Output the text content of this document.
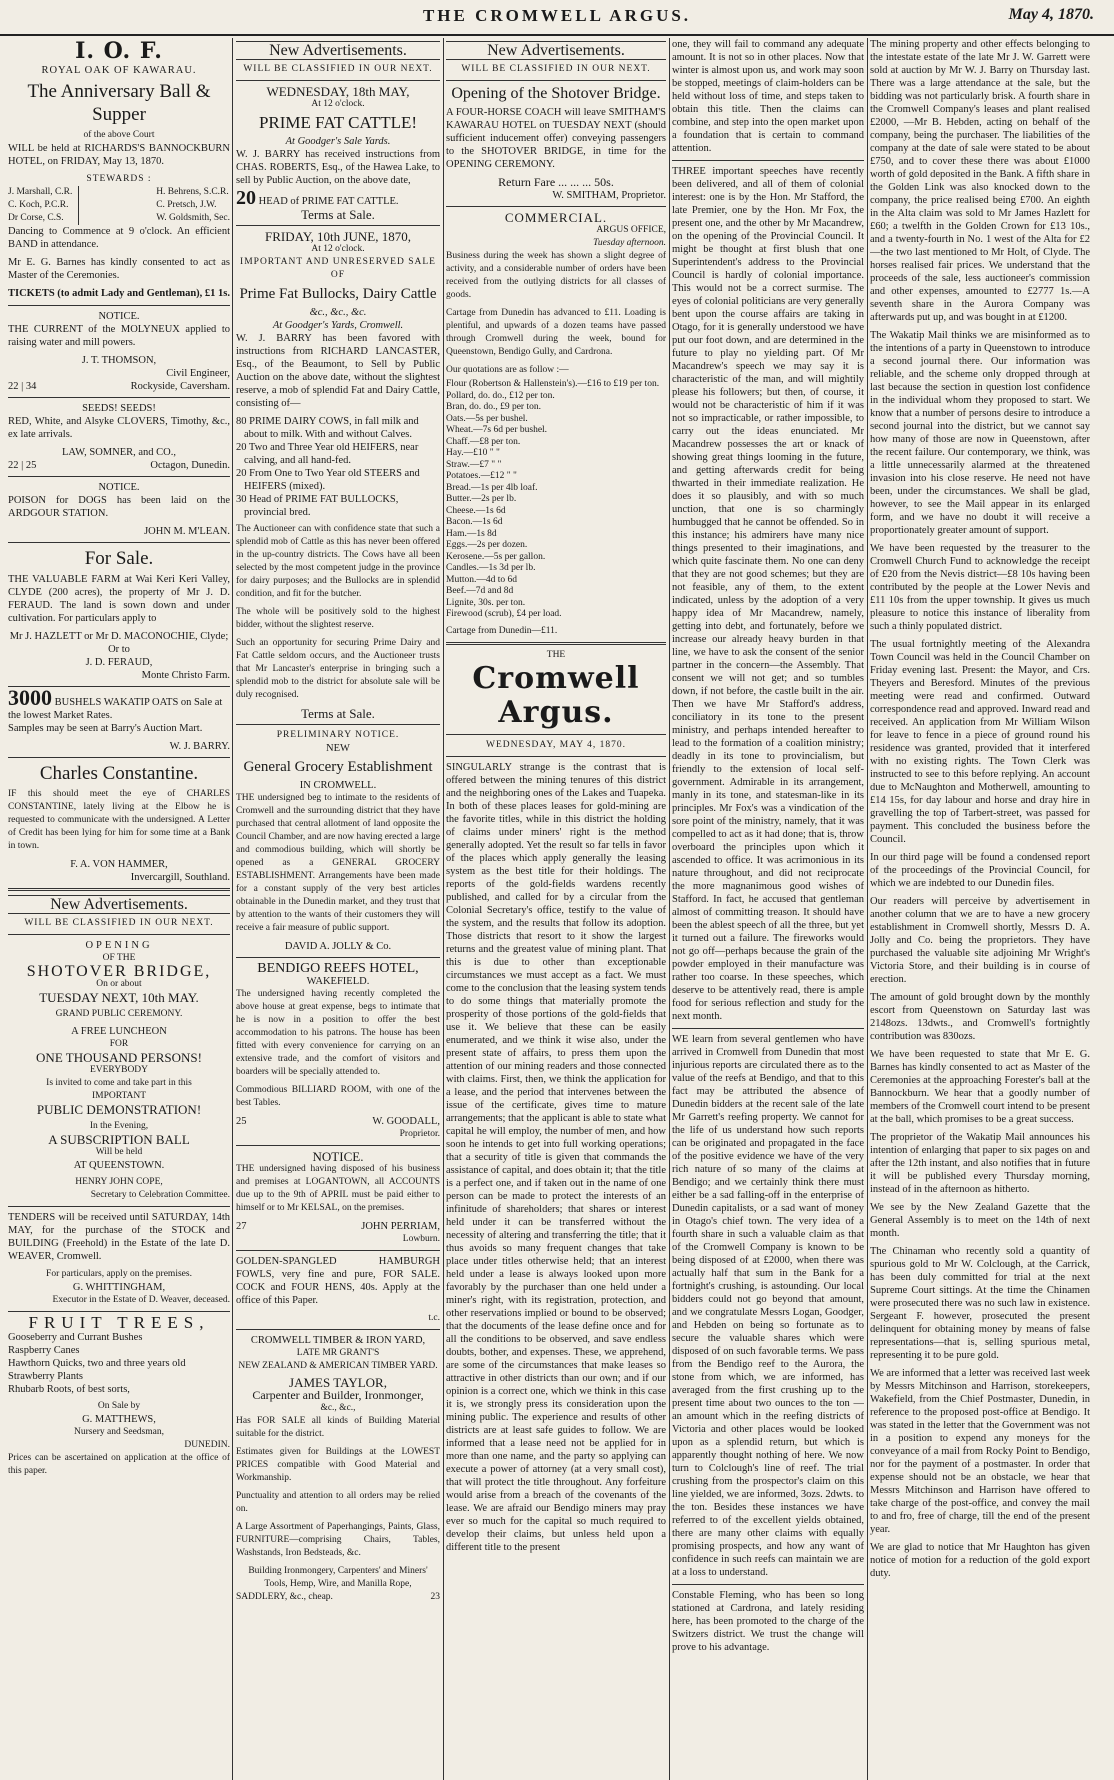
THE CROMWELL ARGUS.	May 4, 1870.
I. O. F.
ROYAL OAK OF KAWARAU.
The Anniversary Ball & Supper
of the above Court

WILL be held at RICHARDS'S BANNOCKBURN HOTEL, on FRIDAY, May 13, 1870.

STEWARDS :
J. Marshall, C.R.
C. Koch, P.C.R.
Dr Corse, C.S.
H. Behrens, S.C.R.
C. Pretsch, J.W.
W. Goldsmith, Sec.

Dancing to Commence at 9 o'clock. An efficient BAND in attendance.

Mr E. G. Barnes has kindly consented to act as Master of the Ceremonies.

TICKETS (to admit Lady and Gentleman), £1 1s.

NOTICE.

THE CURRENT of the MOLYNEUX applied to raising water and mill powers.

J. T. THOMSON,
Civil Engineer,
22 | 34	Rockyside, Caversham.
SEEDS! SEEDS!

RED, White, and Alsyke CLOVERS, Timothy, &c., ex late arrivals.

LAW, SOMNER, and CO.,
22 | 25	Octagon, Dunedin.
NOTICE.

POISON for DOGS has been laid on the ARDGOUR STATION.

JOHN M. M'LEAN.
For Sale.

THE VALUABLE FARM at Wai Keri Keri Valley, CLYDE (200 acres), the property of Mr J. D. FERAUD. The land is sown down and under cultivation. For particulars apply to

Mr J. HAZLETT or Mr D. MACONOCHIE, Clyde;
Or to
J. D. FERAUD,
Monte Christo Farm.
3000 BUSHELS WAKATIP OATS on Sale at the lowest Market Rates.

Samples may be seen at Barry's Auction Mart.

W. J. BARRY.
Charles Constantine.

IF this should meet the eye of CHARLES CONSTANTINE, lately living at the Elbow he is requested to communicate with the undersigned. A Letter of Credit has been lying for him for some time at a Bank in town.

F. A. VON HAMMER,
Invercargill, Southland.
New Advertisements.
WILL BE CLASSIFIED IN OUR NEXT.
OPENING
OF THE
SHOTOVER BRIDGE,
On or about
TUESDAY NEXT, 10th MAY.
GRAND PUBLIC CEREMONY.
A FREE LUNCHEON
FOR
ONE THOUSAND PERSONS!
EVERYBODY
Is invited to come and take part in this
IMPORTANT
PUBLIC DEMONSTRATION!
In the Evening,
A SUBSCRIPTION BALL
Will be held
AT QUEENSTOWN.
HENRY JOHN COPE,
Secretary to Celebration Committee.

TENDERS will be received until SATURDAY, 14th MAY, for the purchase of the STOCK and BUILDING (Freehold) in the Estate of the late D. WEAVER, Cromwell.

For particulars, apply on the premises.
G. WHITTINGHAM,
Executor in the Estate of D. Weaver, deceased.
FRUIT TREES,
Gooseberry and Currant Bushes
Raspberry Canes
Hawthorn Quicks, two and three years old
Strawberry Plants
Rhubarb Roots, of best sorts,
On Sale by
G. MATTHEWS,
Nursery and Seedsman,
DUNEDIN.

Prices can be ascertained on application at the office of this paper.

New Advertisements.
WILL BE CLASSIFIED IN OUR NEXT.
WEDNESDAY, 18th MAY,
At 12 o'clock.
PRIME FAT CATTLE!
At Goodger's Sale Yards.

W. J. BARRY has received instructions from CHAS. ROBERTS, Esq., of the Hawea Lake, to sell by Public Auction, on the above date,

20 HEAD of PRIME FAT CATTLE.
Terms at Sale.
FRIDAY, 10th JUNE, 1870,
At 12 o'clock.
IMPORTANT AND UNRESERVED SALE OF
Prime Fat Bullocks, Dairy Cattle
&c., &c., &c.
At Goodger's Yards, Cromwell.

W. J. BARRY has been favored with instructions from RICHARD LANCASTER, Esq., of the Beaumont, to Sell by Public Auction on the above date, without the slightest reserve, a mob of splendid Fat and Dairy Cattle, consisting of—

80 PRIME DAIRY COWS, in fall milk and about to milk. With and without Calves.
20 Two and Three Year old HEIFERS, near calving, and all hand-fed.
20 From One to Two Year old STEERS and HEIFERS (mixed).
30 Head of PRIME FAT BULLOCKS, provincial bred.

The Auctioneer can with confidence state that such a splendid mob of Cattle as this has never been offered in the up-country districts. The Cows have all been selected by the most competent judge in the province for dairy purposes; and the Bullocks are in splendid condition, and fit for the butcher.

The whole will be positively sold to the highest bidder, without the slightest reserve.

Such an opportunity for securing Prime Dairy and Fat Cattle seldom occurs, and the Auctioneer trusts that Mr Lancaster's enterprise in bringing such a splendid mob to the district for absolute sale will be duly recognised.

Terms at Sale.
PRELIMINARY NOTICE.
NEW
General Grocery Establishment
IN CROMWELL.

THE undersigned beg to intimate to the residents of Cromwell and the surrounding district that they have purchased that central allotment of land opposite the Council Chamber, and are now having erected a large and commodious building, which will shortly be opened as a GENERAL GROCERY ESTABLISHMENT. Arrangements have been made for a constant supply of the very best articles obtainable in the Dunedin market, and they trust that by attention to the wants of their customers they will receive a fair measure of public support.

DAVID A. JOLLY & Co.
BENDIGO REEFS HOTEL,
WAKEFIELD.

The undersigned having recently completed the above house at great expense, begs to intimate that he is now in a position to offer the best accommodation to his patrons. The house has been fitted with every convenience for carrying on an extensive trade, and the comfort of visitors and boarders will be specially attended to.

Commodious BILLIARD ROOM, with one of the best Tables.

25	W. GOODALL,
Proprietor.
NOTICE.

THE undersigned having disposed of his business and premises at LOGANTOWN, all ACCOUNTS due up to the 9th of APRIL must be paid either to himself or to Mr KELSAL, on the premises.

27	JOHN PERRIAM,
Lowburn.

GOLDEN-SPANGLED HAMBURGH FOWLS, very fine and pure, FOR SALE. COCK and FOUR HENS, 40s. Apply at the office of this Paper.

t.c.
CROMWELL TIMBER & IRON YARD,
LATE MR GRANT'S
NEW ZEALAND & AMERICAN TIMBER YARD.
JAMES TAYLOR,
Carpenter and Builder, Ironmonger,
&c., &c.,

Has FOR SALE all kinds of Building Material suitable for the district.

Estimates given for Buildings at the LOWEST PRICES compatible with Good Material and Workmanship.

Punctuality and attention to all orders may be relied on.

A Large Assortment of Paperhangings, Paints, Glass, FURNITURE—comprising Chairs, Tables, Washstands, Iron Bedsteads, &c.

Building Ironmongery, Carpenters' and Miners' Tools, Hemp, Wire, and Manilla Rope,
SADDLERY, &c., cheap.	23
New Advertisements.
WILL BE CLASSIFIED IN OUR NEXT.
Opening of the Shotover Bridge.

A FOUR-HORSE COACH will leave SMITHAM'S KAWARAU HOTEL on TUESDAY NEXT (should sufficient inducement offer) conveying passengers to the SHOTOVER BRIDGE, in time for the OPENING CEREMONY.

Return Fare ... ... ... 50s.
W. SMITHAM, Proprietor.
COMMERCIAL.
ARGUS OFFICE,
Tuesday afternoon.

Business during the week has shown a slight degree of activity, and a considerable number of orders have been received from the outlying districts for all classes of goods.

Cartage from Dunedin has advanced to £11. Loading is plentiful, and upwards of a dozen teams have passed through Cromwell during the week, bound for Queenstown, Bendigo Gully, and Cardrona.

Our quotations are as follow :—
Flour (Robertson & Hallenstein's).—£16 to £19 per ton.
Pollard, do. do., £12 per ton.
Bran, do. do., £9 per ton.
Oats.—5s per bushel.
Wheat.—7s 6d per bushel.
Chaff.—£8 per ton.
Hay.—£10 " "
Straw.—£7 " "
Potatoes.—£12 " "
Bread.—1s per 4lb loaf.
Butter.—2s per lb.
Cheese.—1s 6d
Bacon.—1s 6d
Ham.—1s 8d
Eggs.—2s per dozen.
Kerosene.—5s per gallon.
Candles.—1s 3d per lb.
Mutton.—4d to 6d
Beef.—7d and 8d
Lignite, 30s. per ton.
Firewood (scrub), £4 per load.
Cartage from Dunedin—£11.
THE
Cromwell Argus.
WEDNESDAY, MAY 4, 1870.

SINGULARLY strange is the contrast that is offered between the mining tenures of this district and the neighboring ones of the Lakes and Tuapeka. In both of these places leases for gold-mining are the favorite titles, while in this district the holding of claims under miners' right is the method generally adopted. Yet the result so far tells in favor of the places which apply generally the leasing system as the best title for their holdings. The reports of the gold-fields wardens recently published, and called for by a circular from the Colonial Secretary's office, testify to the value of the system, and the results that follow its adoption. Those districts that resort to it show the largest returns and the greatest value of mining plant. That this is due to other than exceptionable circumstances we must accept as a fact. We must come to the conclusion that the leasing system tends to do some things that materially promote the prosperity of those portions of the gold-fields that use it. We believe that these can be easily enumerated, and we think it wise also, under the present state of affairs, to press them upon the attention of our mining readers and those connected with claims. First, then, we think the application for a lease, and the period that intervenes between the issue of the certificate, gives time to mature arrangements; that the applicant is able to state what capital he will employ, the number of men, and how soon he intends to get into full working operations; that a security of title is given that commands the assistance of capital, and does obtain it; that the title is a perfect one, and if taken out in the name of one person can be made to protect the interests of an infinitude of shareholders; that shares or interest held under it can be transferred without the necessity of altering and transferring the title; that it thus avoids so many frequent changes that take place under titles otherwise held; that an interest held under a lease is always looked upon more favorably by the purchaser than one held under a miner's right, with its registration, protection, and other reservations implied or bound to be observed; that the documents of the lease define once and for all the conditions to be observed, and save endless doubts, bother, and expenses. These, we apprehend, are some of the circumstances that make leases so attractive in other districts than our own; and if our opinion is a correct one, which we think in this case it is, we strongly press its consideration upon the mining public. The experience and results of other districts are at least safe guides to follow. We are informed that a lease need not be applied for in more than one name, and the party so applying can execute a power of attorney (at a very small cost), that will protect the title throughout. Any forfeiture would arise from a breach of the covenants of the lease. We are afraid our Bendigo miners may pray ever so much for the capital so much required to develop their claims, but unless held upon a different title to the present

one, they will fail to command any adequate amount. It is not so in other places. Now that winter is almost upon us, and work may soon be stopped, meetings of claim-holders can be held without loss of time, and steps taken to obtain this title. Then the claims can combine, and step into the open market upon a foundation that is certain to command attention.

THREE important speeches have recently been delivered, and all of them of colonial interest: one is by the Hon. Mr Stafford, the late Premier, one by the Hon. Mr Fox, the present one, and the other by Mr Macandrew, on the opening of the Provincial Council. It might be thought at first blush that one Superintendent's address to the Provincial Council is hardly of colonial importance. This would not be a correct surmise. The eyes of colonial politicians are very generally bent upon the course affairs are taking in Otago, for it is generally understood we have put our foot down, and are determined in the future to play no yielding part. Of Mr Macandrew's speech we may say it is characteristic of the man, and will mightily please his followers; but then, of course, it would not be characteristic of him if it was not so impracticable, or rather impossible, to carry out the ideas enunciated. Mr Macandrew possesses the art or knack of showing great things looming in the future, and getting afterwards credit for being thwarted in their immediate realization. He does it so plausibly, and with so much unction, that one is so charmingly humbugged that he cannot be offended. So in this instance; his admirers have many nice things presented to their imaginations, and which quite fascinate them. No one can deny that they are not good schemes; but they are not feasible, any of them, to the extent indicated, unless by the adoption of a very happy idea of Mr Macandrew, namely, getting into debt, and fortunately, before we increase our already heavy burden in that line, we have to ask the consent of the senior partner in the concern—the Assembly. That consent we will not get; and so tumbles down, if not before, the castle built in the air. Then we have Mr Stafford's address, conciliatory in its tone to the present ministry, and perhaps intended hereafter to lead to the formation of a coalition ministry; deadly in its tone to provincialism, but friendly to the extension of local self-government. Admirable in its arrangement, manly in its tone, and statesman-like in its principles. Mr Fox's was a vindication of the sore point of the ministry, namely, that it was compelled to act as it had done; that is, throw overboard the principles upon which it ascended to office. It was acrimonious in its nature throughout, and did not reciprocate the more magnanimous good wishes of Stafford. In fact, he accused that gentleman almost of committing treason. It should have been the ablest speech of all the three, but yet it turned out a failure. The fireworks would not go off—perhaps because the grain of the powder employed in their manufacture was rather too coarse. In these speeches, which deserve to be attentively read, there is ample food for serious reflection and study for the next month.

WE learn from several gentlemen who have arrived in Cromwell from Dunedin that most injurious reports are circulated there as to the value of the reefs at Bendigo, and that to this fact may be attributed the absence of Dunedin bidders at the recent sale of the late Mr Garrett's reefing property. We cannot for the life of us understand how such reports can be originated and propagated in the face of the positive evidence we have of the very rich nature of so many of the claims at Bendigo; and we certainly think there must either be a sad falling-off in the enterprise of Dunedin capitalists, or a sad want of money in Otago's chief town. The very idea of a fourth share in such a valuable claim as that of the Cromwell Company is known to be being disposed of at £2000, when there was actually half that sum in the Bank for a fortnight's crushing, is astounding. Our local bidders could not go beyond that amount, and we congratulate Messrs Logan, Goodger, and Hebden on being so fortunate as to secure the valuable shares which were disposed of on such favorable terms. We pass from the Bendigo reef to the Aurora, the stone from which, we are informed, has averaged from the first crushing up to the present time about two ounces to the ton —an amount which in the reefing districts of Victoria and other places would be looked upon as a splendid return, but which is apparently thought nothing of here. We now turn to Colclough's line of reef. The trial crushing from the prospector's claim on this line yielded, we are informed, 3ozs. 2dwts. to the ton. Besides these instances we have referred to of the excellent yields obtained, there are many other claims with equally promising prospects, and how any want of confidence in such reefs can maintain we are at a loss to understand.

Constable Fleming, who has been so long stationed at Cardrona, and lately residing here, has been promoted to the charge of the Switzers district. We trust the change will prove to his advantage.

The mining property and other effects belonging to the intestate estate of the late Mr J. W. Garrett were sold at auction by Mr W. J. Barry on Thursday last. There was a large attendance at the sale, but the bidding was not particularly brisk. A fourth share in the Cromwell Company's leases and plant realised £2000, —Mr B. Hebden, acting on behalf of the company, being the purchaser. The liabilities of the company at the date of sale were stated to be about £750, and to cover these there was about £1000 worth of gold deposited in the Bank. A fifth share in the Golden Link was also knocked down to the company, the price realised being £700. An eighth in the Alta claim was sold to Mr James Hazlett for £60; a twelfth in the Golden Crown for £13 10s., and a twenty-fourth in No. 1 west of the Alta for £2 —the two last mentioned to Mr Holt, of Clyde. The horses realised fair prices. We understand that the proceeds of the sale, less auctioneer's commission and other expenses, amounted to £2777 1s.—A seventh share in the Aurora Company was afterwards put up, and was bought in at £1200.

The Wakatip Mail thinks we are misinformed as to the intentions of a party in Queenstown to introduce a second journal there. Our information was reliable, and the scheme only dropped through at last because the section in question lost confidence in the individual whom they proposed to start. We know that a number of persons desire to introduce a second journal into the district, but we cannot say how many of those are now in Queenstown, after the recent failure. Our contemporary, we think, was a little unnecessarily alarmed at the threatened invasion into his close reserve. He need not have been, under the circumstances. We shall be glad, however, to see the Mail appear in its enlarged form, and we have no doubt it will receive a proportionately greater amount of support.

We have been requested by the treasurer to the Cromwell Church Fund to acknowledge the receipt of £20 from the Nevis district—£8 10s having been contributed by the people at the Lower Nevis and £11 10s from the upper township. It gives us much pleasure to notice this instance of liberality from such a thinly populated district.

The usual fortnightly meeting of the Alexandra Town Council was held in the Council Chamber on Friday evening last. Present: the Mayor, and Crs. Theyers and Beresford. Minutes of the previous meeting were read and confirmed. Outward correspondence read and approved. Inward read and received. An application from Mr William Wilson for leave to fence in a piece of ground round his residence was granted, provided that it interfered with no existing rights. The Town Clerk was instructed to see to this before replying. An account due to McNaughton and Motherwell, amounting to £14 15s, for day labour and horse and dray hire in gravelling the top of Tarbert-street, was passed for payment. This concluded the business before the Council.

In our third page will be found a condensed report of the proceedings of the Provincial Council, for which we are indebted to our Dunedin files.

Our readers will perceive by advertisement in another column that we are to have a new grocery establishment in Cromwell shortly, Messrs D. A. Jolly and Co. being the proprietors. They have purchased the valuable site adjoining Mr Wright's Victoria Store, and their building is in course of erection.

The amount of gold brought down by the monthly escort from Queenstown on Saturday last was 2148ozs. 13dwts., and Cromwell's fortnightly contribution was 830ozs.

We have been requested to state that Mr E. G. Barnes has kindly consented to act as Master of the Ceremonies at the approaching Forester's ball at the Bannockburn. We hear that a goodly number of members of the Cromwell court intend to be present at the ball, which promises to be a great success.

The proprietor of the Wakatip Mail announces his intention of enlarging that paper to six pages on and after the 12th instant, and also notifies that in future it will be published every Thursday morning, instead of in the afternoon as hitherto.

We see by the New Zealand Gazette that the General Assembly is to meet on the 14th of next month.

The Chinaman who recently sold a quantity of spurious gold to Mr W. Colclough, at the Carrick, has been duly committed for trial at the next Supreme Court sittings. At the time the Chinamen were prosecuted there was no such law in existence. Sergeant F. however, prosecuted the present delinquent for obtaining money by means of false representations—that is, selling spurious metal, representing it to be pure gold.

We are informed that a letter was received last week by Messrs Mitchinson and Harrison, storekeepers, Wakefield, from the Chief Postmaster, Dunedin, in reference to the proposed post-office at Bendigo. It was stated in the letter that the Government was not in a position to expend any moneys for the conveyance of a mail from Rocky Point to Bendigo, nor for the payment of a postmaster. In order that expense should not be an obstacle, we hear that Messrs Mitchinson and Harrison have offered to take charge of the post-office, and convey the mail to and fro, free of charge, till the end of the present year.

We are glad to notice that Mr Haughton has given notice of motion for a reduction of the gold export duty.
